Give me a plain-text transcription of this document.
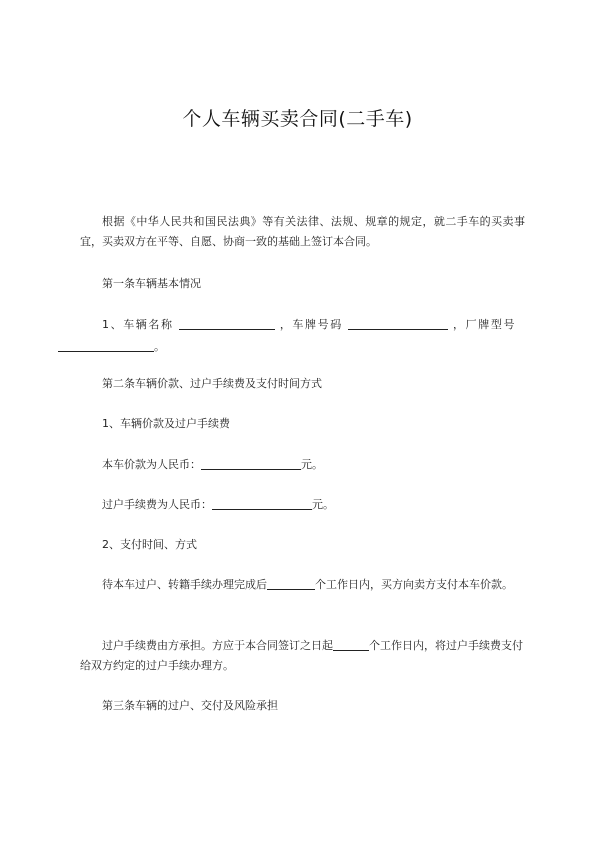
个人车辆买卖合同(二手车)
根据《中华人民共和国民法典》等有关法律、法规、规章的规定，就二手车的买卖事宜，买卖双方在平等、自愿、协商一致的基础上签订本合同。
第一条车辆基本情况
1、车辆名称	，车牌号码	，厂牌型号 。
第二条车辆价款、过户手续费及支付时间方式
1、车辆价款及过户手续费
本车价款为人民币：	元。
过户手续费为人民币：	元。
2、支付时间、方式
待本车过户、转籍手续办理完成后	个工作日内，买方向卖方支付本车价款。
过户手续费由方承担。方应于本合同签订之日起	个工作日内，将过户手续费支付给双方约定的过户手续办理方。
第三条车辆的过户、交付及风险承担
